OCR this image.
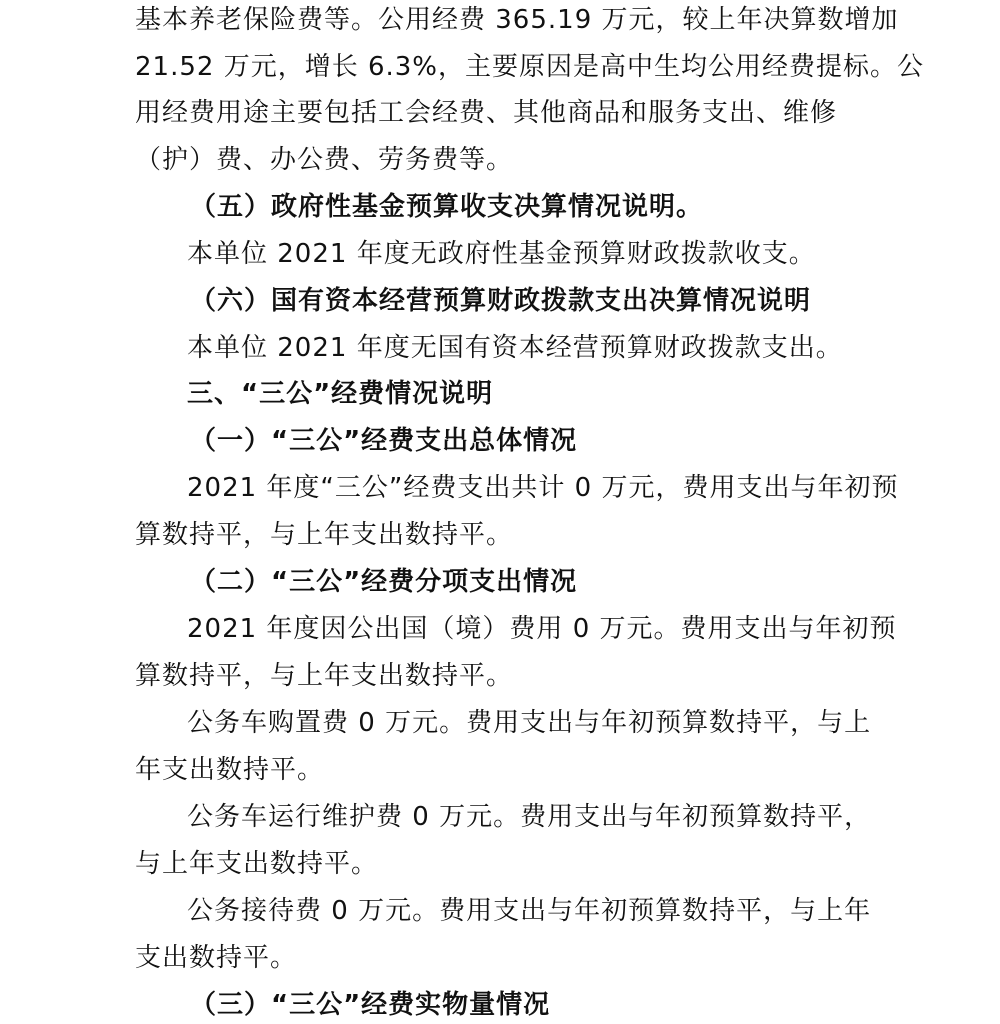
基本养老保险费等。公用经费 365.19 万元，较上年决算数增加
21.52 万元，增长 6.3%，主要原因是高中生均公用经费提标。公
用经费用途主要包括工会经费、其他商品和服务支出、维修
（护）费、办公费、劳务费等。
（五）政府性基金预算收支决算情况说明。
本单位 2021 年度无政府性基金预算财政拨款收支。
（六）国有资本经营预算财政拨款支出决算情况说明
本单位 2021 年度无国有资本经营预算财政拨款支出。
三、“三公”经费情况说明
（一）“三公”经费支出总体情况
2021 年度“三公”经费支出共计 0 万元，费用支出与年初预
算数持平，与上年支出数持平。
（二）“三公”经费分项支出情况
2021 年度因公出国（境）费用 0 万元。费用支出与年初预
算数持平，与上年支出数持平。
公务车购置费 0 万元。费用支出与年初预算数持平，与上
年支出数持平。
公务车运行维护费 0 万元。费用支出与年初预算数持平，
与上年支出数持平。
公务接待费 0 万元。费用支出与年初预算数持平，与上年
支出数持平。
（三）“三公”经费实物量情况
